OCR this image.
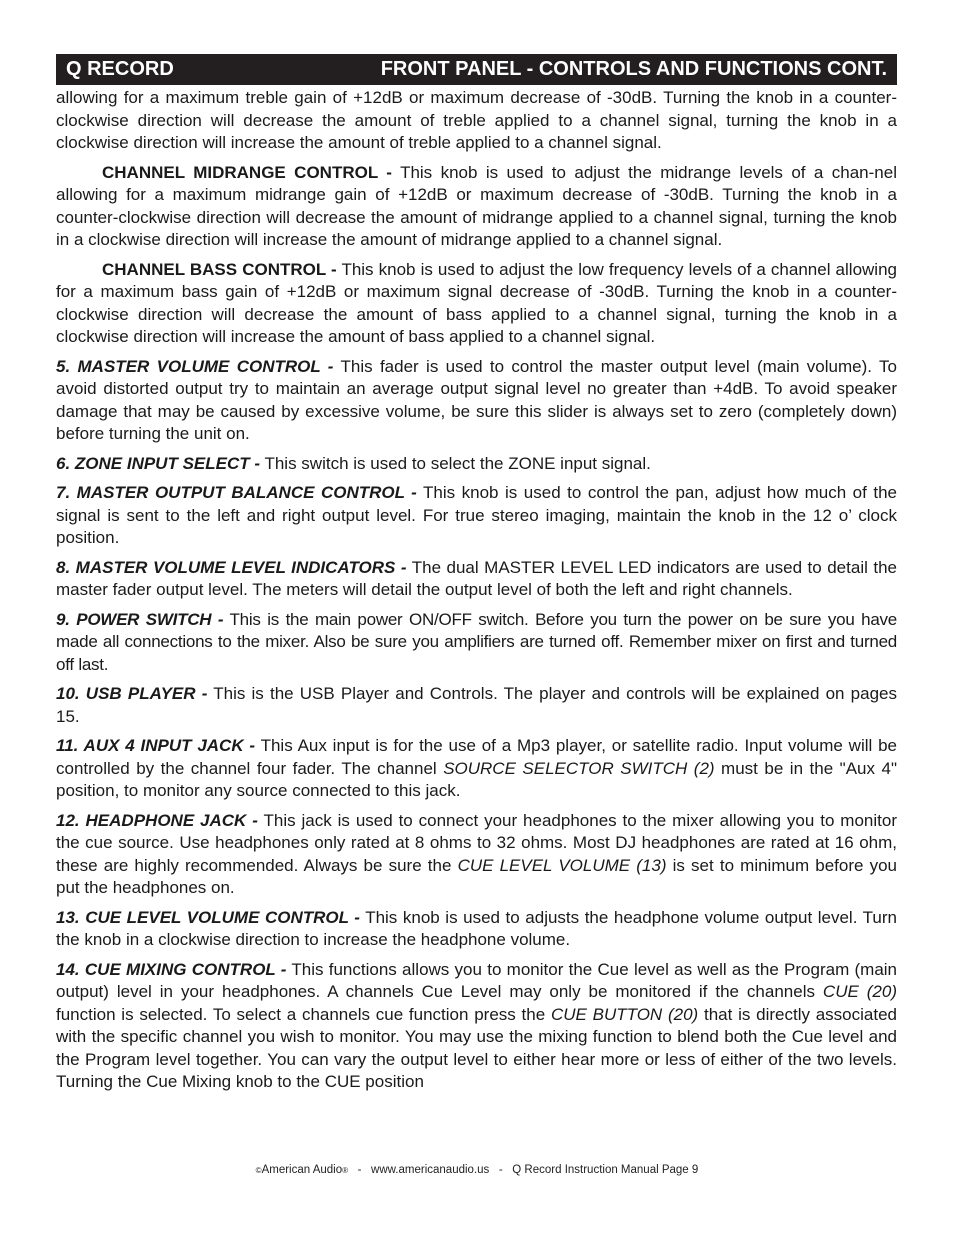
Q RECORD	FRONT PANEL - CONTROLS AND FUNCTIONS CONT.

allowing for a maximum treble gain of +12dB or maximum decrease of -30dB. Turning the knob in a counter-clockwise direction will decrease the amount of treble applied to a channel signal, turning the knob in a clockwise direction will increase the amount of treble applied to a channel signal.

CHANNEL MIDRANGE CONTROL - This knob is used to adjust the midrange levels of a chan-nel allowing for a maximum midrange gain of +12dB or maximum decrease of -30dB. Turning the knob in a counter-clockwise direction will decrease the amount of midrange applied to a channel signal, turning the knob in a clockwise direction will increase the amount of midrange applied to a channel signal.

CHANNEL BASS CONTROL - This knob is used to adjust the low frequency levels of a channel allowing for a maximum bass gain of +12dB or maximum signal decrease of -30dB. Turning the knob in a counter-clockwise direction will decrease the amount of bass applied to a channel signal, turning the knob in a clockwise direction will increase the amount of bass applied to a channel signal.

5. MASTER VOLUME CONTROL - This fader is used to control the master output level (main volume). To avoid distorted output try to maintain an average output signal level no greater than +4dB. To avoid speaker damage that may be caused by excessive volume, be sure this slider is always set to zero (completely down) before turning the unit on.

6. ZONE INPUT SELECT - This switch is used to select the ZONE input signal.

7. MASTER OUTPUT BALANCE CONTROL - This knob is used to control the pan, adjust how much of the signal is sent to the left and right output level. For true stereo imaging, maintain the knob in the 12 o’ clock position.

8. MASTER VOLUME LEVEL INDICATORS - The dual MASTER LEVEL LED indicators are used to detail the master fader output level. The meters will detail the output level of both the left and right channels.

9. POWER SWITCH - This is the main power ON/OFF switch. Before you turn the power on be sure you have made all connections to the mixer. Also be sure you amplifiers are turned off. Remember mixer on first and turned off last.

10. USB PLAYER - This is the USB Player and Controls. The player and controls will be explained on pages 15.

11. AUX 4 INPUT JACK - This Aux input is for the use of a Mp3 player, or satellite radio. Input volume will be controlled by the channel four fader. The channel SOURCE SELECTOR SWITCH (2) must be in the "Aux 4" position, to monitor any source connected to this jack.

12. HEADPHONE JACK - This jack is used to connect your headphones to the mixer allowing you to monitor the cue source. Use headphones only rated at 8 ohms to 32 ohms. Most DJ headphones are rated at 16 ohm, these are highly recommended. Always be sure the CUE LEVEL VOLUME (13) is set to minimum before you put the headphones on.

13. CUE LEVEL VOLUME CONTROL - This knob is used to adjusts the headphone volume output level. Turn the knob in a clockwise direction to increase the headphone volume.

14. CUE MIXING CONTROL - This functions allows you to monitor the Cue level as well as the Program (main output) level in your headphones. A channels Cue Level may only be monitored if the channels CUE (20) function is selected. To select a channels cue function press the CUE BUTTON (20) that is directly associated with the specific channel you wish to monitor. You may use the mixing function to blend both the Cue level and the Program level together. You can vary the output level to either hear more or less of either of the two levels. Turning the Cue Mixing knob to the CUE position

©American Audio®   -   www.americanaudio.us   -   Q Record Instruction Manual Page 9
